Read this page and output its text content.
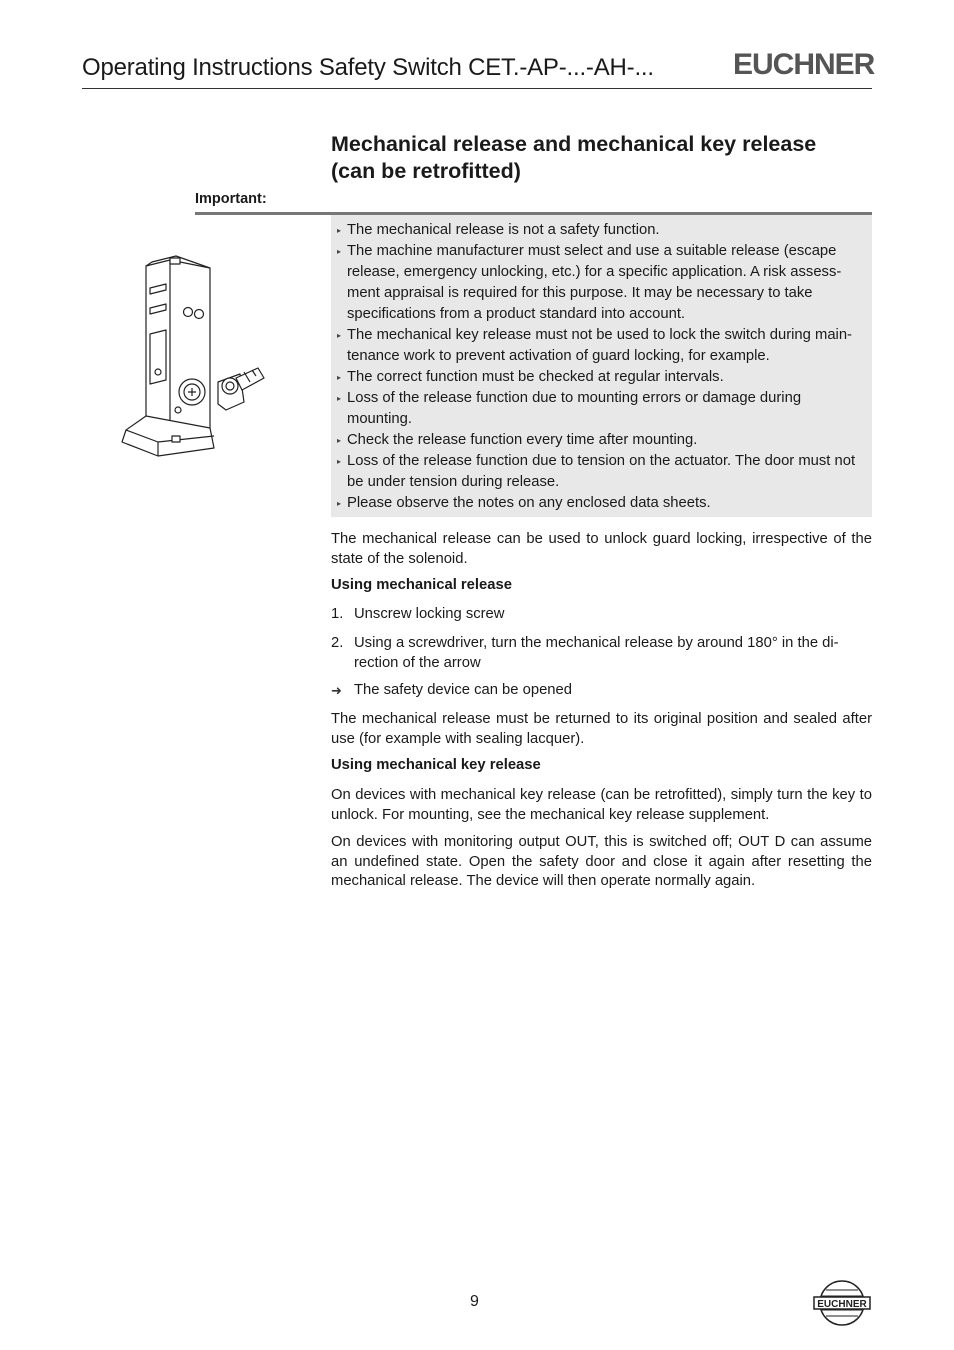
Operating Instructions Safety Switch CET.-AP-...-AH-...	EUCHNER
Mechanical release and mechanical key release
(can be retrofitted)
Important:
▸ The mechanical release is not a safety function.
▸ The machine manufacturer must select and use a suitable release (escape release, emergency unlocking, etc.) for a specific application. A risk assess-ment appraisal is required for this purpose. It may be necessary to take specifications from a product standard into account.
▸ The mechanical key release must not be used to lock the switch during main-tenance work to prevent activation of guard locking, for example.
▸ The correct function must be checked at regular intervals.
▸ Loss of the release function due to mounting errors or damage during mounting.
▸ Check the release function every time after mounting.
▸ Loss of the release function due to tension on the actuator. The door must not be under tension during release.
▸ Please observe the notes on any enclosed data sheets.
The mechanical release can be used to unlock guard locking, irrespective of the state of the solenoid.
Using mechanical release
1. Unscrew locking screw
2. Using a screwdriver, turn the mechanical release by around 180° in the di-rection of the arrow
➜ The safety device can be opened
The mechanical release must be returned to its original position and sealed after use (for example with sealing lacquer).
Using mechanical key release
On devices with mechanical key release (can be retrofitted), simply turn the key to unlock. For mounting, see the mechanical key release supplement.
On devices with monitoring output OUT, this is switched off; OUT D can assume an undefined state. Open the safety door and close it again after resetting the mechanical release. The device will then operate normally again.
9	EUCHNER
